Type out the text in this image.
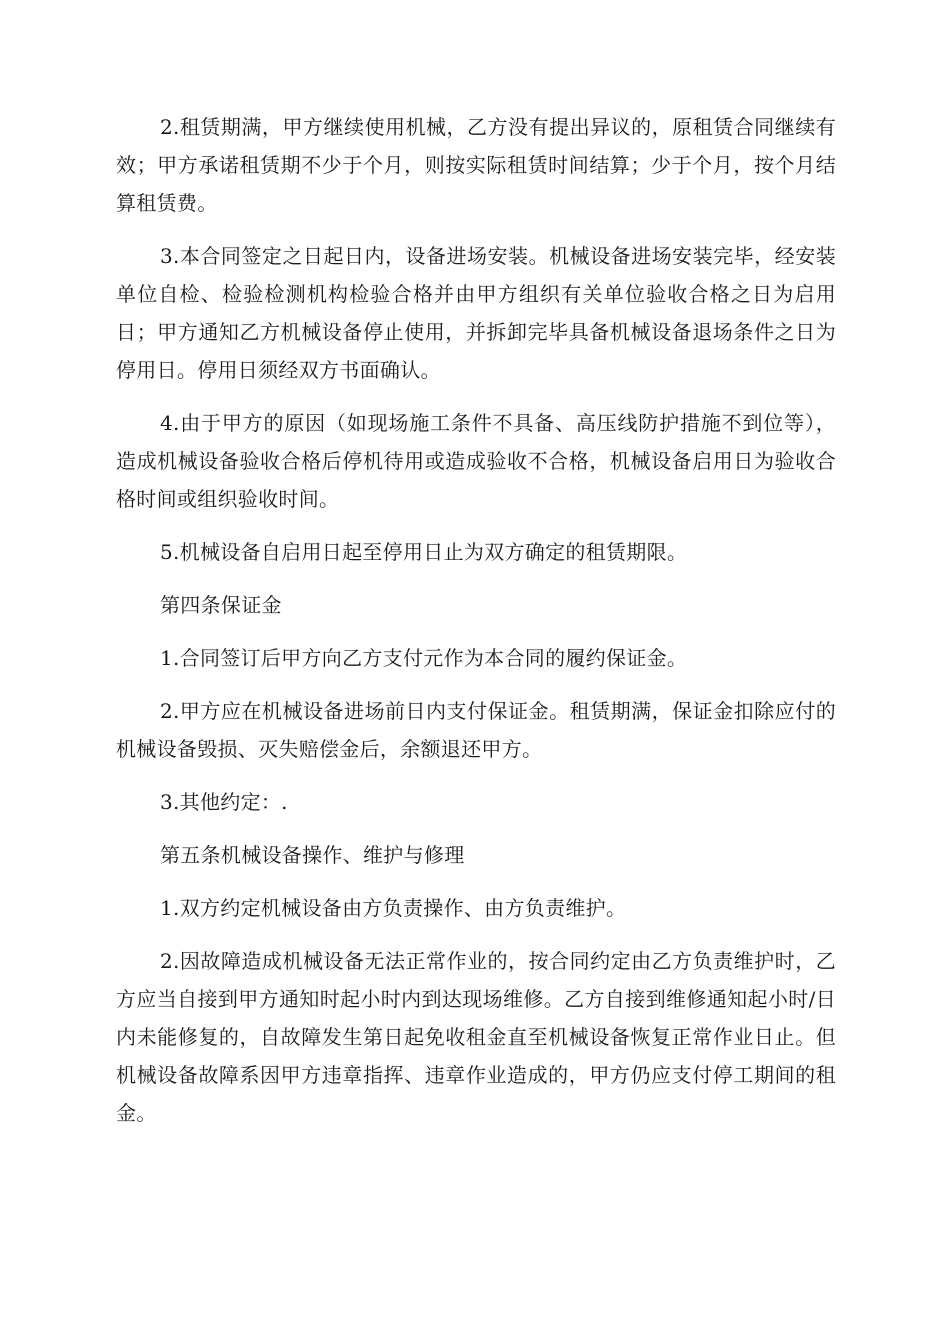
2.租赁期满，甲方继续使用机械，乙方没有提出异议的，原租赁合同继续有效；甲方承诺租赁期不少于个月，则按实际租赁时间结算；少于个月，按个月结算租赁费。

3.本合同签定之日起日内，设备进场安装。机械设备进场安装完毕，经安装单位自检、检验检测机构检验合格并由甲方组织有关单位验收合格之日为启用日；甲方通知乙方机械设备停止使用，并拆卸完毕具备机械设备退场条件之日为停用日。停用日须经双方书面确认。

4.由于甲方的原因（如现场施工条件不具备、高压线防护措施不到位等），造成机械设备验收合格后停机待用或造成验收不合格，机械设备启用日为验收合格时间或组织验收时间。

5.机械设备自启用日起至停用日止为双方确定的租赁期限。

第四条保证金

1.合同签订后甲方向乙方支付元作为本合同的履约保证金。

2.甲方应在机械设备进场前日内支付保证金。租赁期满，保证金扣除应付的机械设备毁损、灭失赔偿金后，余额退还甲方。

3.其他约定：.

第五条机械设备操作、维护与修理

1.双方约定机械设备由方负责操作、由方负责维护。

2.因故障造成机械设备无法正常作业的，按合同约定由乙方负责维护时，乙方应当自接到甲方通知时起小时内到达现场维修。乙方自接到维修通知起小时/日内未能修复的，自故障发生第日起免收租金直至机械设备恢复正常作业日止。但机械设备故障系因甲方违章指挥、违章作业造成的，甲方仍应支付停工期间的租金。
